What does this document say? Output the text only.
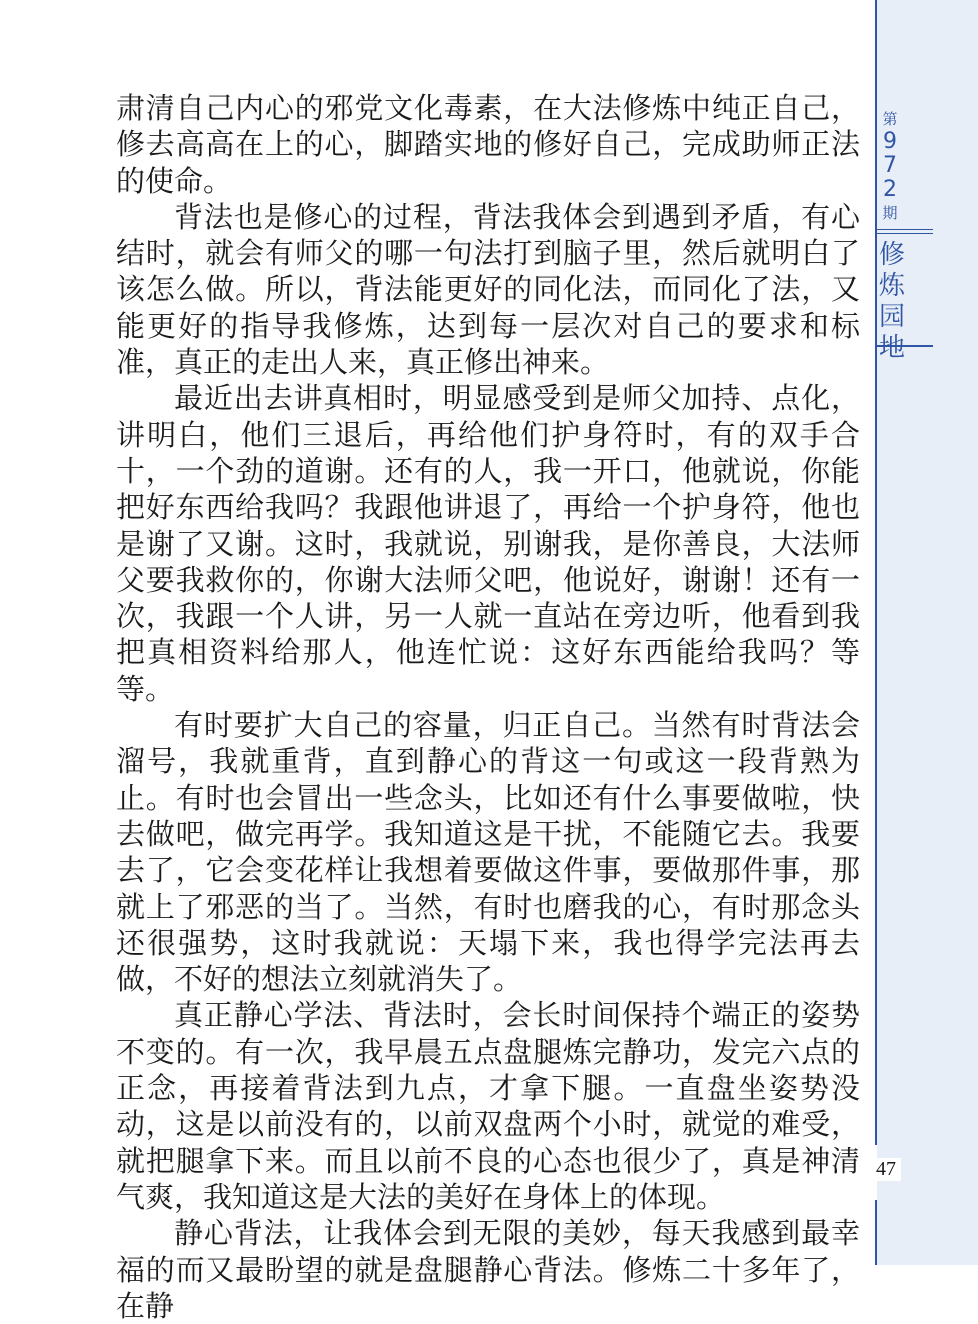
第
9
7
2
期
修
炼
园
地

肃清自己内心的邪党文化毒素，在大法修炼中纯正自己，修去高高在上的心，脚踏实地的修好自己，完成助师正法的使命。

背法也是修心的过程，背法我体会到遇到矛盾，有心结时，就会有师父的哪一句法打到脑子里，然后就明白了该怎么做。所以，背法能更好的同化法，而同化了法，又能更好的指导我修炼，达到每一层次对自己的要求和标准，真正的走出人来，真正修出神来。

最近出去讲真相时，明显感受到是师父加持、点化，讲明白，他们三退后，再给他们护身符时，有的双手合十，一个劲的道谢。还有的人，我一开口，他就说，你能把好东西给我吗？我跟他讲退了，再给一个护身符，他也是谢了又谢。这时，我就说，别谢我，是你善良，大法师父要我救你的，你谢大法师父吧，他说好，谢谢！还有一次，我跟一个人讲，另一人就一直站在旁边听，他看到我把真相资料给那人，他连忙说：这好东西能给我吗？等等。

有时要扩大自己的容量，归正自己。当然有时背法会溜号，我就重背，直到静心的背这一句或这一段背熟为止。有时也会冒出一些念头，比如还有什么事要做啦，快去做吧，做完再学。我知道这是干扰，不能随它去。我要去了，它会变花样让我想着要做这件事，要做那件事，那就上了邪恶的当了。当然，有时也磨我的心，有时那念头还很强势，这时我就说：天塌下来，我也得学完法再去做，不好的想法立刻就消失了。

真正静心学法、背法时，会长时间保持个端正的姿势不变的。有一次，我早晨五点盘腿炼完静功，发完六点的正念，再接着背法到九点，才拿下腿。一直盘坐姿势没动，这是以前没有的，以前双盘两个小时，就觉的难受，就把腿拿下来。而且以前不良的心态也很少了，真是神清气爽，我知道这是大法的美好在身体上的体现。

静心背法，让我体会到无限的美妙，每天我感到最幸福的而又最盼望的就是盘腿静心背法。修炼二十多年了，在静

47
